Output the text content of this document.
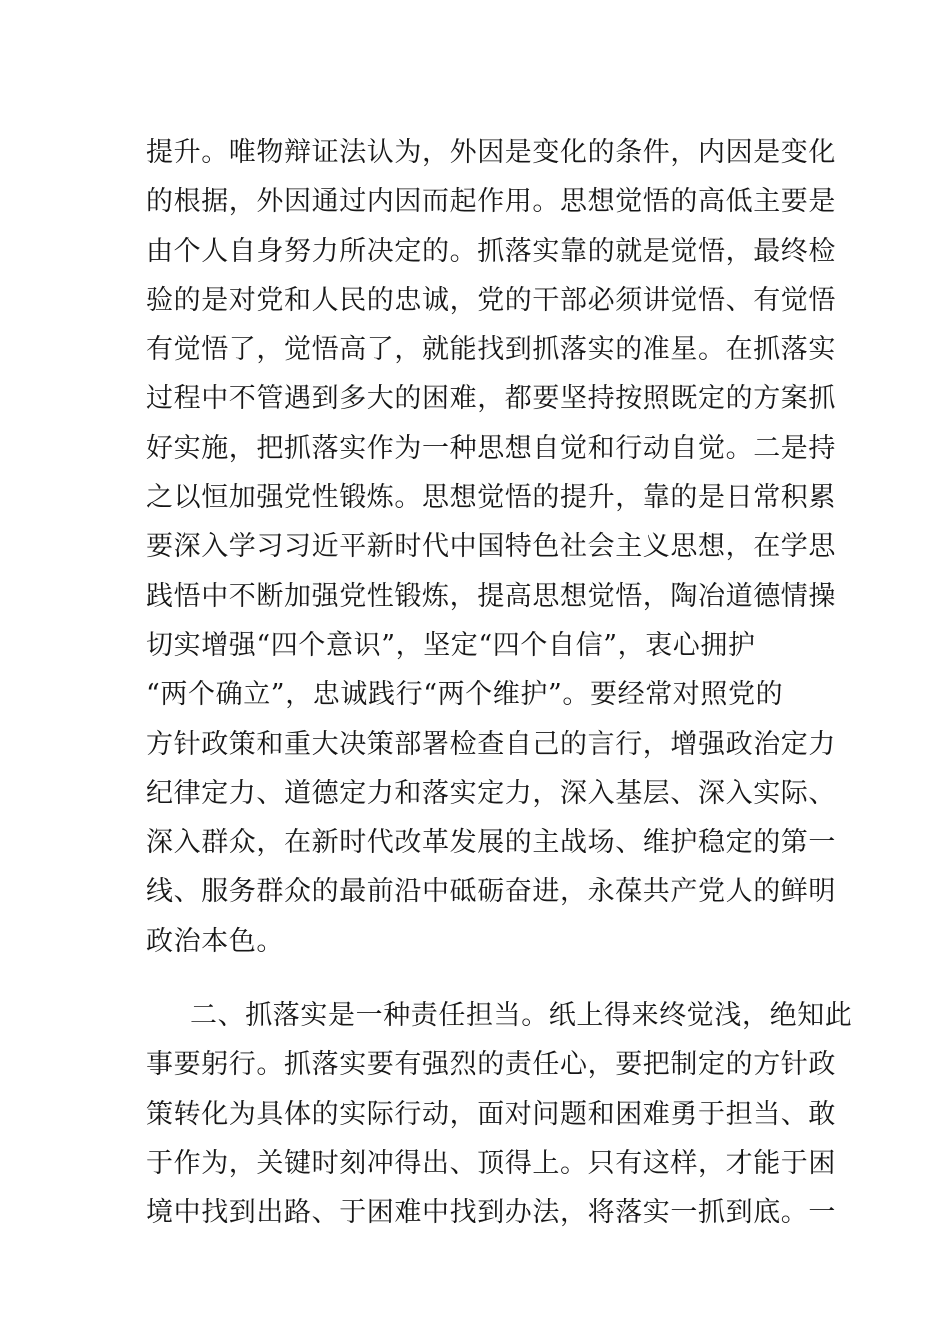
提升。唯物辩证法认为，外因是变化的条件，内因是变化
的根据，外因通过内因而起作用。思想觉悟的高低主要是
由个人自身努力所决定的。抓落实靠的就是觉悟，最终检
验的是对党和人民的忠诚，党的干部必须讲觉悟、有觉悟
有觉悟了，觉悟高了，就能找到抓落实的准星。在抓落实
过程中不管遇到多大的困难，都要坚持按照既定的方案抓
好实施，把抓落实作为一种思想自觉和行动自觉。二是持
之以恒加强党性锻炼。思想觉悟的提升，靠的是日常积累
要深入学习习近平新时代中国特色社会主义思想，在学思
践悟中不断加强党性锻炼，提高思想觉悟，陶冶道德情操
切实增强“四个意识”，坚定“四个自信”，衷心拥护
“两个确立”，忠诚践行“两个维护”。要经常对照党的
方针政策和重大决策部署检查自己的言行，增强政治定力
纪律定力、道德定力和落实定力，深入基层、深入实际、
深入群众，在新时代改革发展的主战场、维护稳定的第一
线、服务群众的最前沿中砥砺奋进，永葆共产党人的鲜明
政治本色。
二、抓落实是一种责任担当。纸上得来终觉浅，绝知此
事要躬行。抓落实要有强烈的责任心，要把制定的方针政
策转化为具体的实际行动，面对问题和困难勇于担当、敢
于作为，关键时刻冲得出、顶得上。只有这样，才能于困
境中找到出路、于困难中找到办法，将落实一抓到底。一
